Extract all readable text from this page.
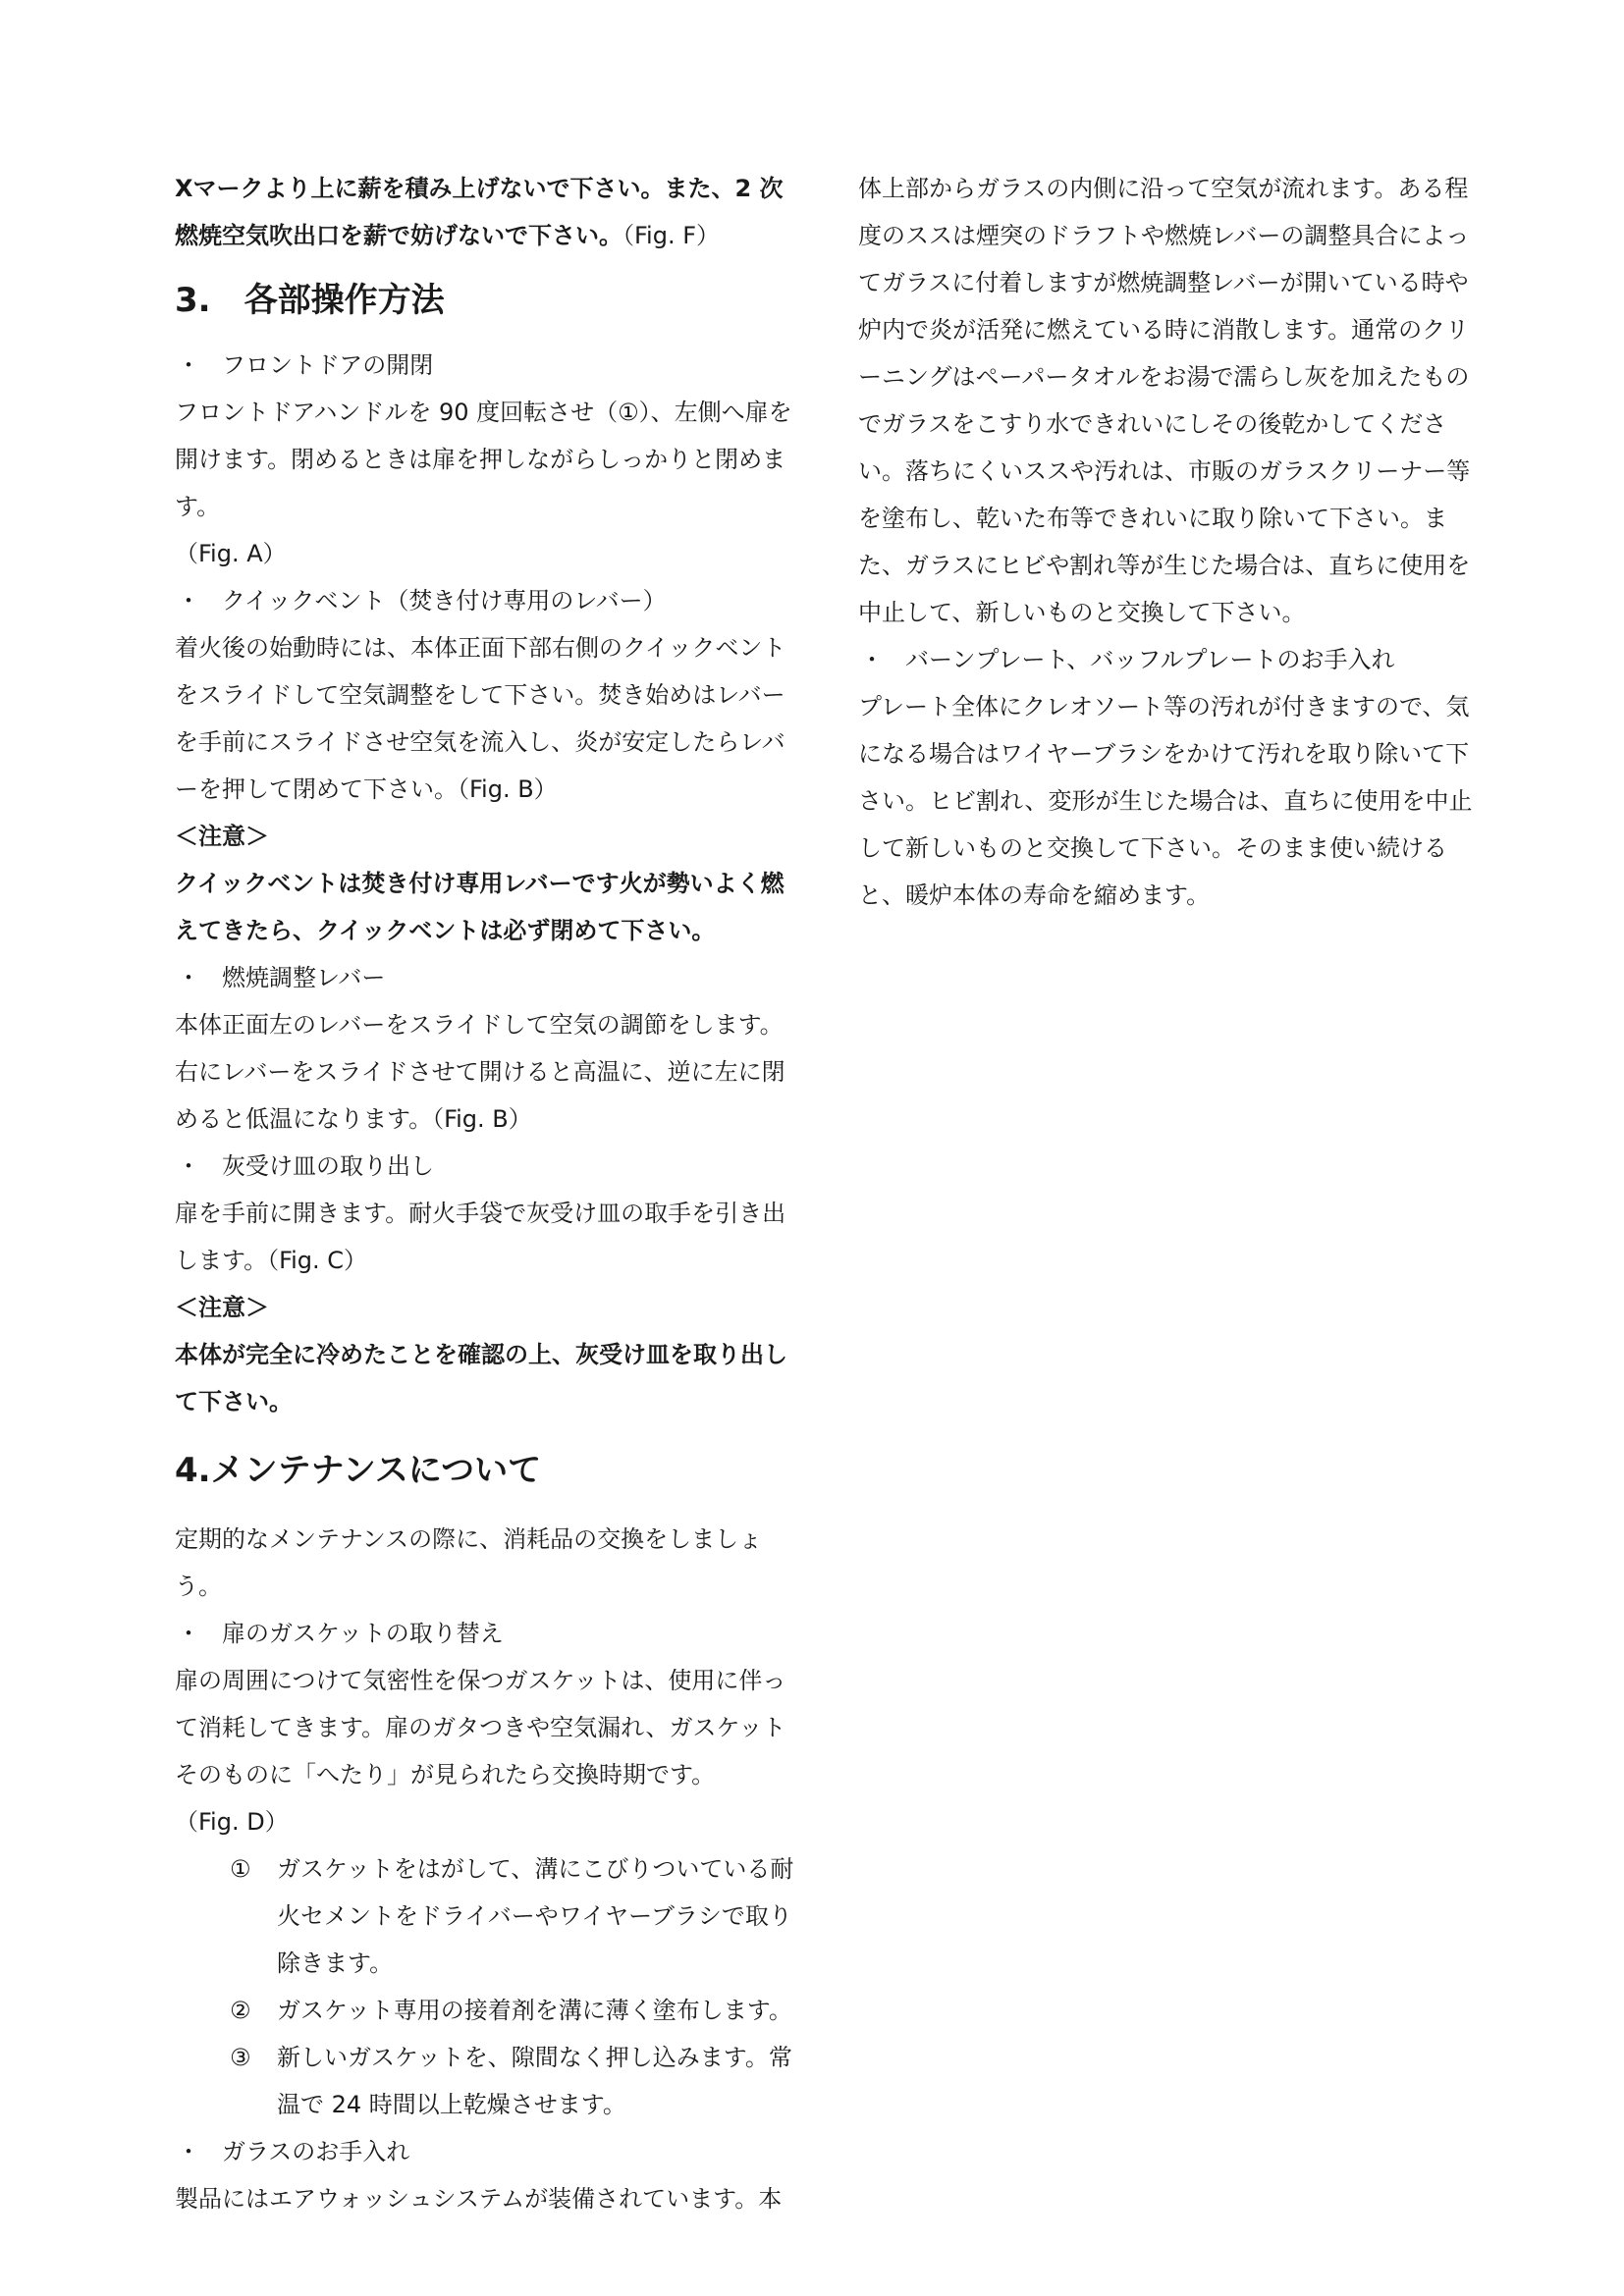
Xマークより上に薪を積み上げないで下さい。また、2 次燃焼空気吹出口を薪で妨げないで下さい。（Fig. F）

3.　各部操作方法
・ フロントドアの開閉

フロントドアハンドルを 90 度回転させ（①）、左側へ扉を開けます。閉めるときは扉を押しながらしっかりと閉めます。

（Fig. A）

・ クイックベント（焚き付け専用のレバー）

着火後の始動時には、本体正面下部右側のクイックベントをスライドして空気調整をして下さい。焚き始めはレバーを手前にスライドさせ空気を流入し、炎が安定したらレバーを押して閉めて下さい。（Fig. B）

＜注意＞

クイックベントは焚き付け専用レバーです火が勢いよく燃えてきたら、クイックベントは必ず閉めて下さい。

・ 燃焼調整レバー

本体正面左のレバーをスライドして空気の調節をします。右にレバーをスライドさせて開けると高温に、逆に左に閉めると低温になります。（Fig. B）

・ 灰受け皿の取り出し

扉を手前に開きます。耐火手袋で灰受け皿の取手を引き出します。（Fig. C）

＜注意＞

本体が完全に冷めたことを確認の上、灰受け皿を取り出して下さい。

4.メンテナンスについて

定期的なメンテナンスの際に、消耗品の交換をしましょう。

・ 扉のガスケットの取り替え

扉の周囲につけて気密性を保つガスケットは、使用に伴って消耗してきます。扉のガタつきや空気漏れ、ガスケットそのものに「へたり」が見られたら交換時期です。

（Fig. D）

①	ガスケットをはがして、溝にこびりついている耐火セメントをドライバーやワイヤーブラシで取り除きます。
②	ガスケット専用の接着剤を溝に薄く塗布します。
③	新しいガスケットを、隙間なく押し込みます。常温で 24 時間以上乾燥させます。
・ ガラスのお手入れ

製品にはエアウォッシュシステムが装備されています。本

体上部からガラスの内側に沿って空気が流れます。ある程度のススは煙突のドラフトや燃焼レバーの調整具合によってガラスに付着しますが燃焼調整レバーが開いている時や炉内で炎が活発に燃えている時に消散します。通常のクリーニングはペーパータオルをお湯で濡らし灰を加えたものでガラスをこすり水できれいにしその後乾かしてください。落ちにくいススや汚れは、市販のガラスクリーナー等を塗布し、乾いた布等できれいに取り除いて下さい。また、ガラスにヒビや割れ等が生じた場合は、直ちに使用を中止して、新しいものと交換して下さい。

・ バーンプレート、バッフルプレートのお手入れ

プレート全体にクレオソート等の汚れが付きますので、気になる場合はワイヤーブラシをかけて汚れを取り除いて下さい。ヒビ割れ、変形が生じた場合は、直ちに使用を中止して新しいものと交換して下さい。そのまま使い続けると、暖炉本体の寿命を縮めます。
